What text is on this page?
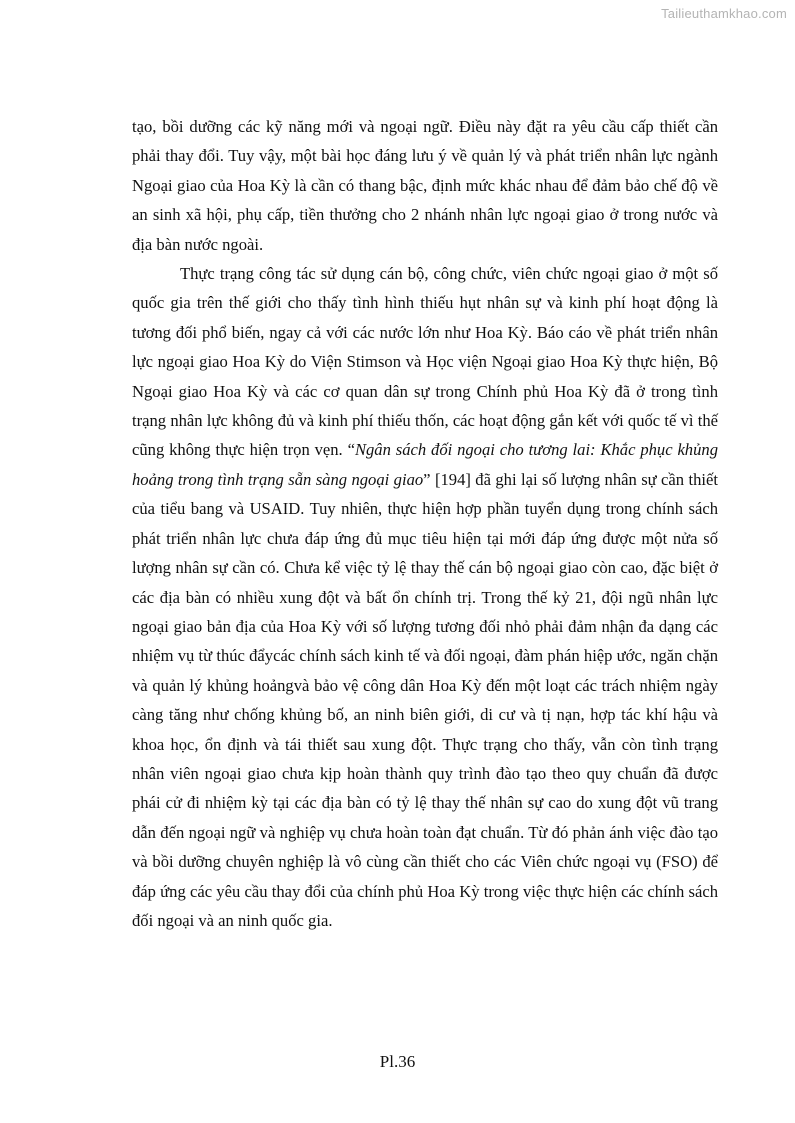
Tailieuthamkhao.com

tạo, bồi dưỡng các kỹ năng mới và ngoại ngữ. Điều này đặt ra yêu cầu cấp thiết cần phải thay đổi. Tuy vậy, một bài học đáng lưu ý về quản lý và phát triển nhân lực ngành Ngoại giao của Hoa Kỳ là cần có thang bậc, định mức khác nhau để đảm bảo chế độ về an sinh xã hội, phụ cấp, tiền thưởng cho 2 nhánh nhân lực ngoại giao ở trong nước và địa bàn nước ngoài.

Thực trạng công tác sử dụng cán bộ, công chức, viên chức ngoại giao ở một số quốc gia trên thế giới cho thấy tình hình thiếu hụt nhân sự và kinh phí hoạt động là tương đối phổ biến, ngay cả với các nước lớn như Hoa Kỳ. Báo cáo về phát triển nhân lực ngoại giao Hoa Kỳ do Viện Stimson và Học viện Ngoại giao Hoa Kỳ thực hiện, Bộ Ngoại giao Hoa Kỳ và các cơ quan dân sự trong Chính phủ Hoa Kỳ đã ở trong tình trạng nhân lực không đủ và kinh phí thiếu thốn, các hoạt động gắn kết với quốc tế vì thế cũng không thực hiện trọn vẹn. “Ngân sách đối ngoại cho tương lai: Khắc phục khủng hoảng trong tình trạng sẵn sàng ngoại giao” [194] đã ghi lại số lượng nhân sự cần thiết của tiểu bang và USAID. Tuy nhiên, thực hiện hợp phần tuyển dụng trong chính sách phát triển nhân lực chưa đáp ứng đủ mục tiêu hiện tại mới đáp ứng được một nửa số lượng nhân sự cần có. Chưa kể việc tỷ lệ thay thế cán bộ ngoại giao còn cao, đặc biệt ở các địa bàn có nhiều xung đột và bất ổn chính trị. Trong thế kỷ 21, đội ngũ nhân lực ngoại giao bản địa của Hoa Kỳ với số lượng tương đối nhỏ phải đảm nhận đa dạng các nhiệm vụ từ thúc đẩycác chính sách kinh tế và đối ngoại, đàm phán hiệp ước, ngăn chặn và quản lý khủng hoảngvà bảo vệ công dân Hoa Kỳ đến một loạt các trách nhiệm ngày càng tăng như chống khủng bố, an ninh biên giới, di cư và tị nạn, hợp tác khí hậu và khoa học, ổn định và tái thiết sau xung đột. Thực trạng cho thấy, vẫn còn tình trạng nhân viên ngoại giao chưa kịp hoàn thành quy trình đào tạo theo quy chuẩn đã được phái cử đi nhiệm kỳ tại các địa bàn có tỷ lệ thay thế nhân sự cao do xung đột vũ trang dẫn đến ngoại ngữ và nghiệp vụ chưa hoàn toàn đạt chuẩn. Từ đó phản ánh việc đào tạo và bồi dưỡng chuyên nghiệp là vô cùng cần thiết cho các Viên chức ngoại vụ (FSO) để đáp ứng các yêu cầu thay đổi của chính phủ Hoa Kỳ trong việc thực hiện các chính sách đối ngoại và an ninh quốc gia.

Pl.36
